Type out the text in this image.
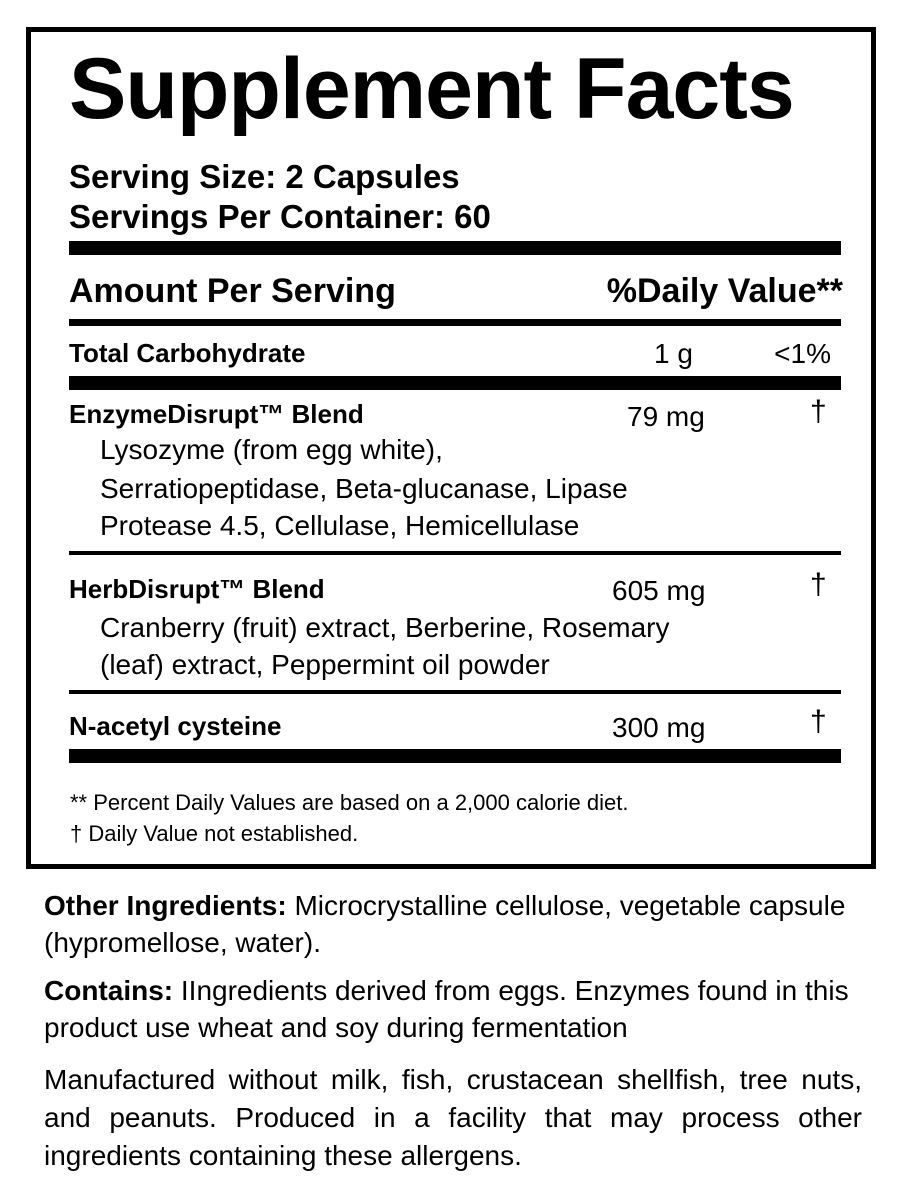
Supplement Facts
Serving Size: 2 Capsules
Servings Per Container: 60
Amount Per Serving	%Daily Value**
Total Carbohydrate	1 g	<1%
EnzymeDisrupt™ Blend	79 mg	†
Lysozyme (from egg white),
Serratiopeptidase, Beta-glucanase, Lipase
Protease 4.5, Cellulase, Hemicellulase
HerbDisrupt™ Blend	605 mg	†
Cranberry (fruit) extract, Berberine, Rosemary
(leaf) extract, Peppermint oil powder
N-acetyl cysteine	300 mg	†
** Percent Daily Values are based on a 2,000 calorie diet.
† Daily Value not established.
Other Ingredients: Microcrystalline cellulose, vegetable capsule (hypromellose, water).
Contains: IIngredients derived from eggs. Enzymes found in this product use wheat and soy during fermentation
Manufactured without milk, fish, crustacean shellfish, tree nuts, and peanuts. Produced in a facility that may process other ingredients containing these allergens.
